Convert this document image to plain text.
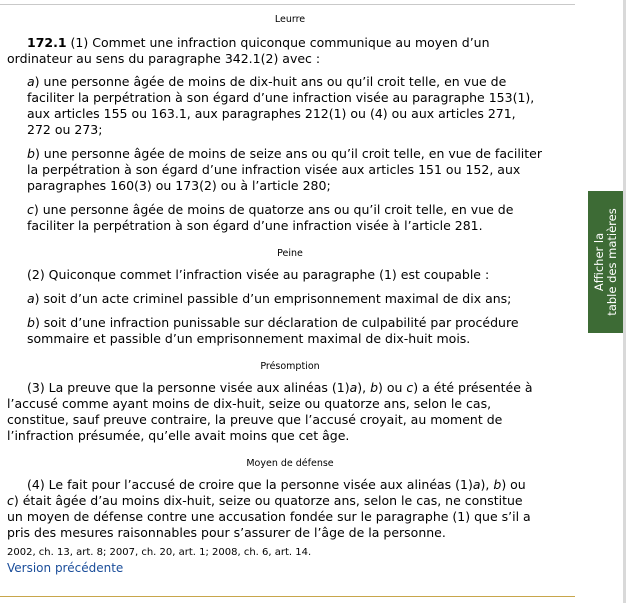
Leurre
172.1 (1) Commet une infraction quiconque communique au moyen d’un
ordinateur au sens du paragraphe 342.1(2) avec :
a) une personne âgée de moins de dix-huit ans ou qu’il croit telle, en vue de
faciliter la perpétration à son égard d’une infraction visée au paragraphe 153(1),
aux articles 155 ou 163.1, aux paragraphes 212(1) ou (4) ou aux articles 271,
272 ou 273;
b) une personne âgée de moins de seize ans ou qu’il croit telle, en vue de faciliter
la perpétration à son égard d’une infraction visée aux articles 151 ou 152, aux
paragraphes 160(3) ou 173(2) ou à l’article 280;
c) une personne âgée de moins de quatorze ans ou qu’il croit telle, en vue de
faciliter la perpétration à son égard d’une infraction visée à l’article 281.
Peine
(2) Quiconque commet l’infraction visée au paragraphe (1) est coupable :
a) soit d’un acte criminel passible d’un emprisonnement maximal de dix ans;
b) soit d’une infraction punissable sur déclaration de culpabilité par procédure
sommaire et passible d’un emprisonnement maximal de dix-huit mois.
Présomption
(3) La preuve que la personne visée aux alinéas (1)a), b) ou c) a été présentée à
l’accusé comme ayant moins de dix-huit, seize ou quatorze ans, selon le cas,
constitue, sauf preuve contraire, la preuve que l’accusé croyait, au moment de
l’infraction présumée, qu’elle avait moins que cet âge.
Moyen de défense
(4) Le fait pour l’accusé de croire que la personne visée aux alinéas (1)a), b) ou
c) était âgée d’au moins dix-huit, seize ou quatorze ans, selon le cas, ne constitue
un moyen de défense contre une accusation fondée sur le paragraphe (1) que s’il a
pris des mesures raisonnables pour s’assurer de l’âge de la personne.
2002, ch. 13, art. 8; 2007, ch. 20, art. 1; 2008, ch. 6, art. 14.
Version précédente
Afficher la table des matières
